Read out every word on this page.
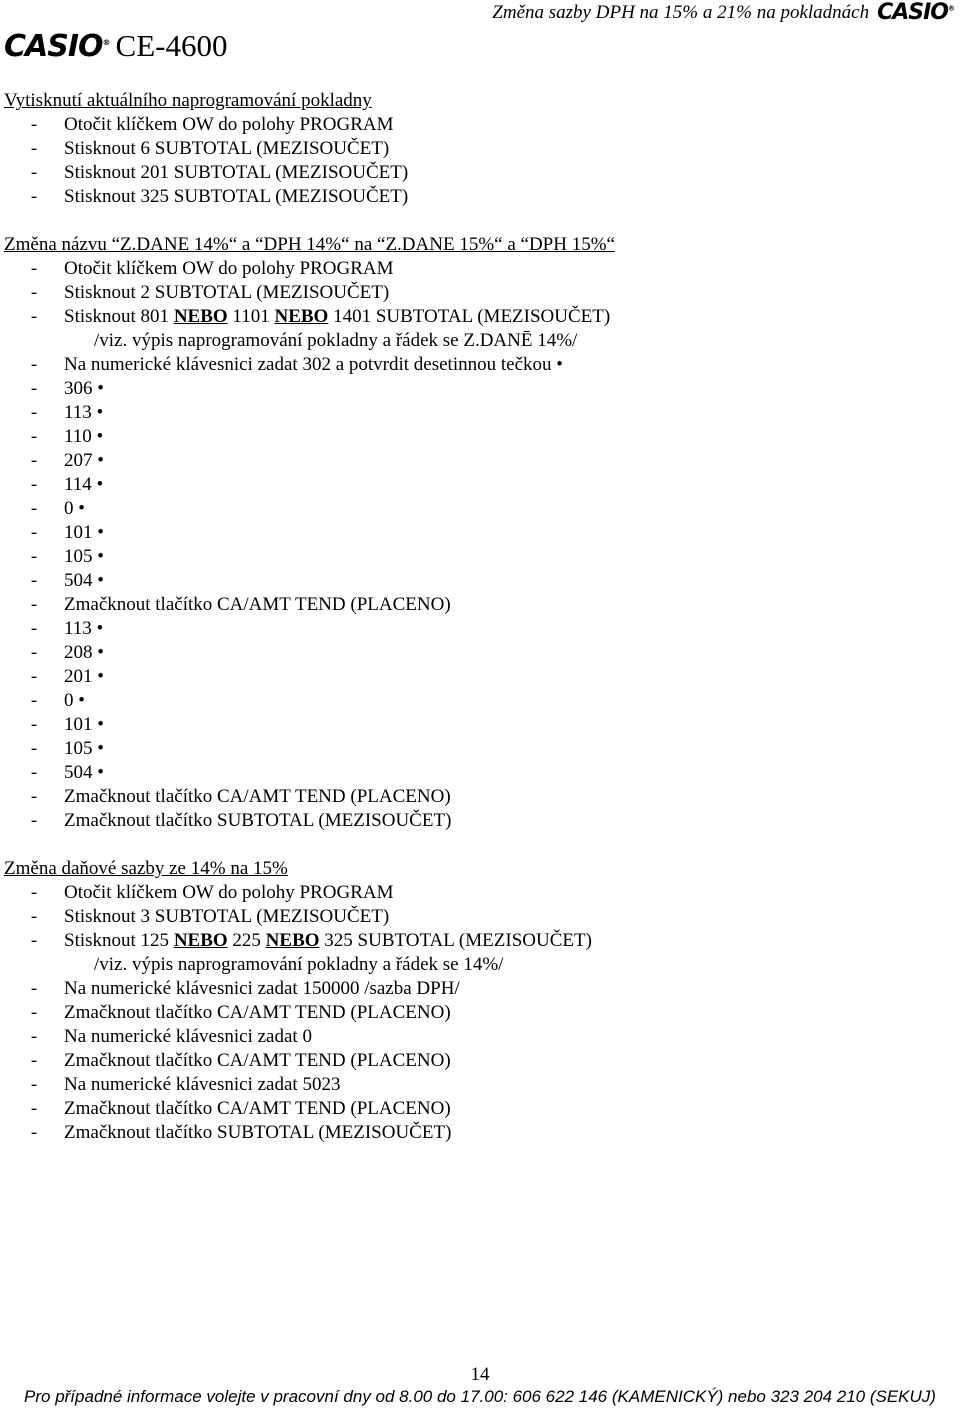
Změna sazby DPH na 15% a 21% na pokladnách CASIO®
CASIO® CE-4600
Vytisknutí aktuálního naprogramování pokladny
-	Otočit klíčkem OW do polohy PROGRAM
-	Stisknout 6 SUBTOTAL (MEZISOUČET)
-	Stisknout 201 SUBTOTAL (MEZISOUČET)
-	Stisknout 325 SUBTOTAL (MEZISOUČET)
Změna názvu “Z.DANE 14%“ a “DPH 14%“ na “Z.DANE 15%“ a “DPH 15%“
-	Otočit klíčkem OW do polohy PROGRAM
-	Stisknout 2 SUBTOTAL (MEZISOUČET)
-	Stisknout 801 NEBO 1101 NEBO 1401 SUBTOTAL (MEZISOUČET)
/viz. výpis naprogramování pokladny a řádek se Z.DANĒ 14%/
-	Na numerické klávesnici zadat 302 a potvrdit desetinnou tečkou •
-	306 •
-	113 •
-	110 •
-	207 •
-	114 •
-	0 •
-	101 •
-	105 •
-	504 •
-	Zmačknout tlačítko CA/AMT TEND (PLACENO)
-	113 •
-	208 •
-	201 •
-	0 •
-	101 •
-	105 •
-	504 •
-	Zmačknout tlačítko CA/AMT TEND (PLACENO)
-	Zmačknout tlačítko SUBTOTAL (MEZISOUČET)
Změna daňové sazby ze 14% na 15%
-	Otočit klíčkem OW do polohy PROGRAM
-	Stisknout 3 SUBTOTAL (MEZISOUČET)
-	Stisknout 125 NEBO 225 NEBO 325 SUBTOTAL (MEZISOUČET)
/viz. výpis naprogramování pokladny a řádek se 14%/
-	Na numerické klávesnici zadat 150000 /sazba DPH/
-	Zmačknout tlačítko CA/AMT TEND (PLACENO)
-	Na numerické klávesnici zadat 0
-	Zmačknout tlačítko CA/AMT TEND (PLACENO)
-	Na numerické klávesnici zadat 5023
-	Zmačknout tlačítko CA/AMT TEND (PLACENO)
-	Zmačknout tlačítko SUBTOTAL (MEZISOUČET)
14
Pro případné informace volejte v pracovní dny od 8.00 do 17.00: 606 622 146 (KAMENICKÝ) nebo 323 204 210 (SEKUJ)
